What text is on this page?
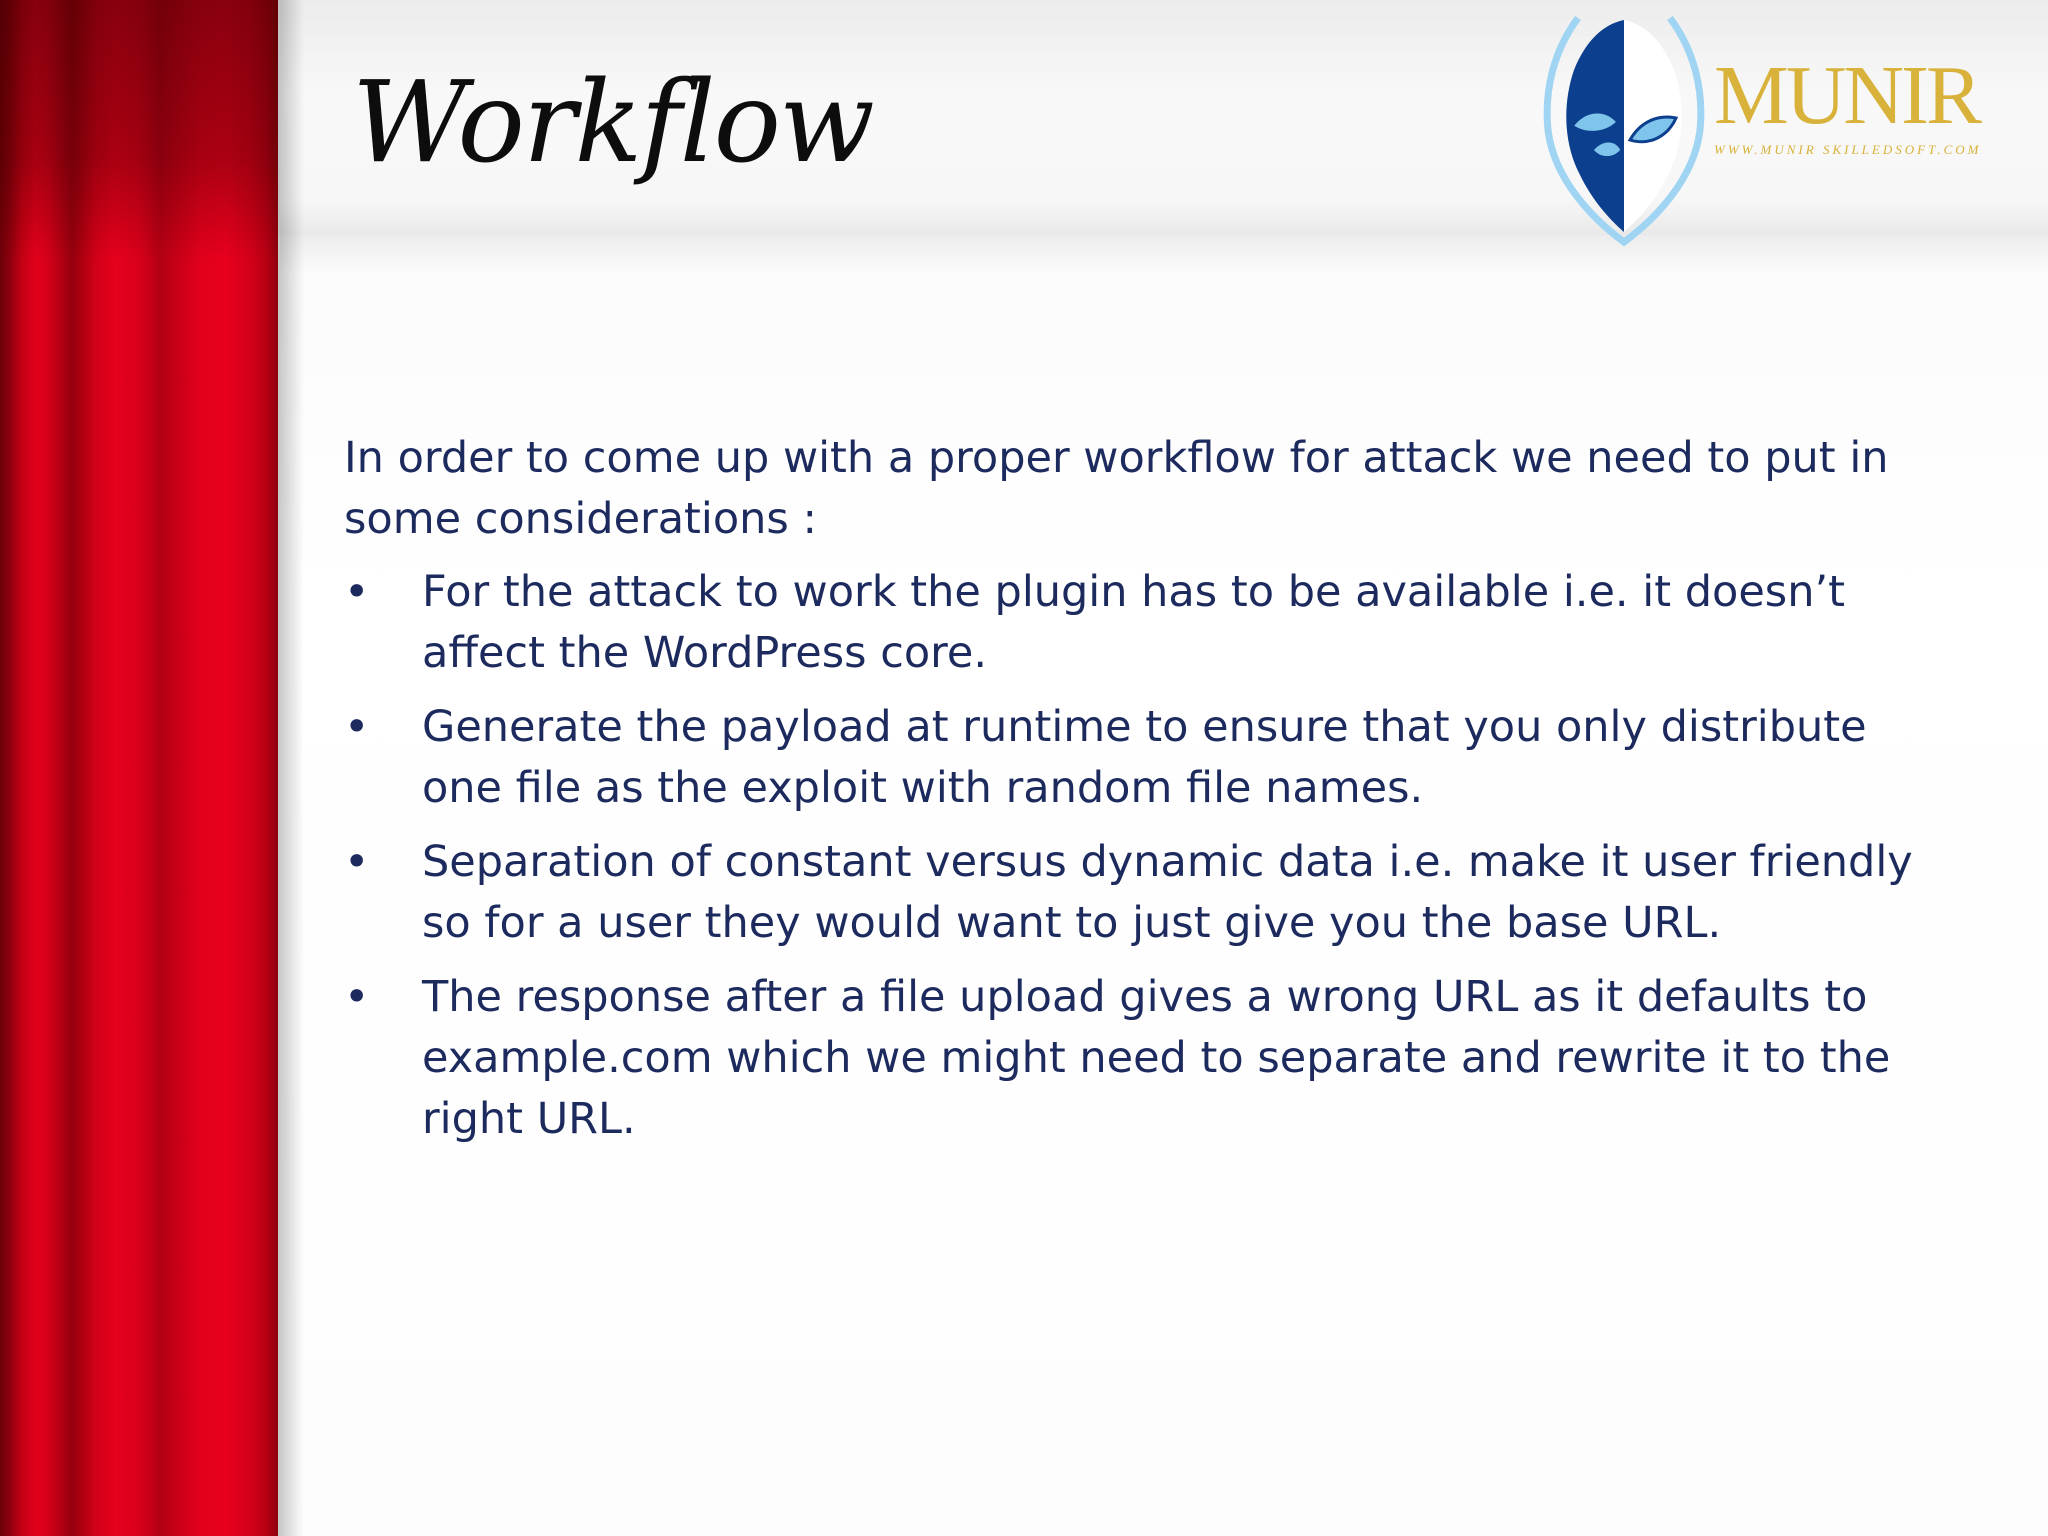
Workflow	MUNIR
WWW.MUNIR SKILLEDSOFT.COM

In order to come up with a proper workflow for attack we need to put in some considerations :

• For the attack to work the plugin has to be available i.e. it doesn’t affect the WordPress core.
• Generate the payload at runtime to ensure that you only distribute one file as the exploit with random file names.
• Separation of constant versus dynamic data i.e. make it user friendly so for a user they would want to just give you the base URL.
• The response after a file upload gives a wrong URL as it defaults to example.com which we might need to separate and rewrite it to the right URL.
